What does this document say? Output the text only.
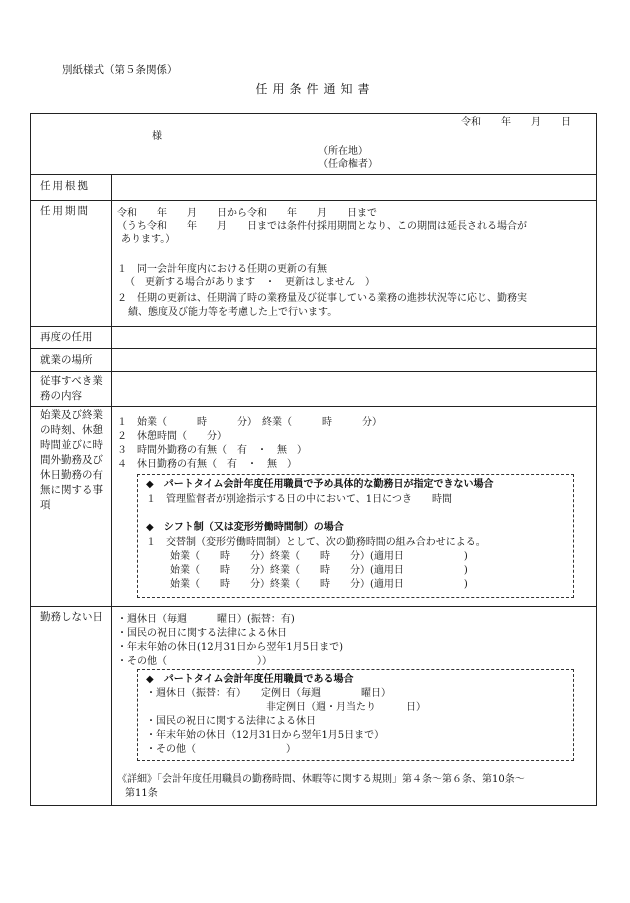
別紙様式（第５条関係）
任用条件通知書
令和　　年　　月　　日
様
（所在地）
（任命権者）
任用根拠
任用期間	令和　　年　　月　　日から令和　　年　　月　　日まで
（うち令和　　年　　月　　日までは条件付採用期間となり、この期間は延長される場合が
あります。）
１　同一会計年度内における任期の更新の有無
（　更新する場合があります　・　更新はしません　）
２　任期の更新は、任期満了時の業務量及び従事している業務の進捗状況等に応じ、勤務実
績、態度及び能力等を考慮した上で行います。
再度の任用
就業の場所
従事すべき業務の内容
始業及び終業の時刻、休憩時間並びに時間外勤務及び休日勤務の有無に関する事項
１　始業（　　　時　　　分）　終業（　　　時　　　分）
２　休憩時間（　　分）
３　時間外勤務の有無（　有　・　無　）
４　休日勤務の有無（　有　・　無　）
◆　パートタイム会計年度任用職員で予め具体的な勤務日が指定できない場合
１　管理監督者が別途指示する日の中において、1日につき　　時間
◆　シフト制（又は変形労働時間制）の場合
１　交替制（変形労働時間制）として、次の勤務時間の組み合わせによる。
始業（　　時　　分）終業（　　時　　分）(適用日　　　　　　)
始業（　　時　　分）終業（　　時　　分）(適用日　　　　　　)
始業（　　時　　分）終業（　　時　　分）(適用日　　　　　　)
勤務しない日 ・週休日（毎週　　　曜日）(振替：有)
・国民の祝日に関する法律による休日
・年末年始の休日(12月31日から翌年1月5日まで)
・その他（　　　　　　　　　））
◆　パートタイム会計年度任用職員である場合
・週休日（振替：有）　　定例日（毎週　　　　曜日）
　　　　　　　　　　　　非定例日（週・月当たり　　　日）
・国民の祝日に関する法律による休日
・年末年始の休日（12月31日から翌年1月5日まで）
・その他（　　　　　　　　　）
《詳細》「会計年度任用職員の勤務時間、休暇等に関する規則」第４条〜第６条、第10条〜
第11条
